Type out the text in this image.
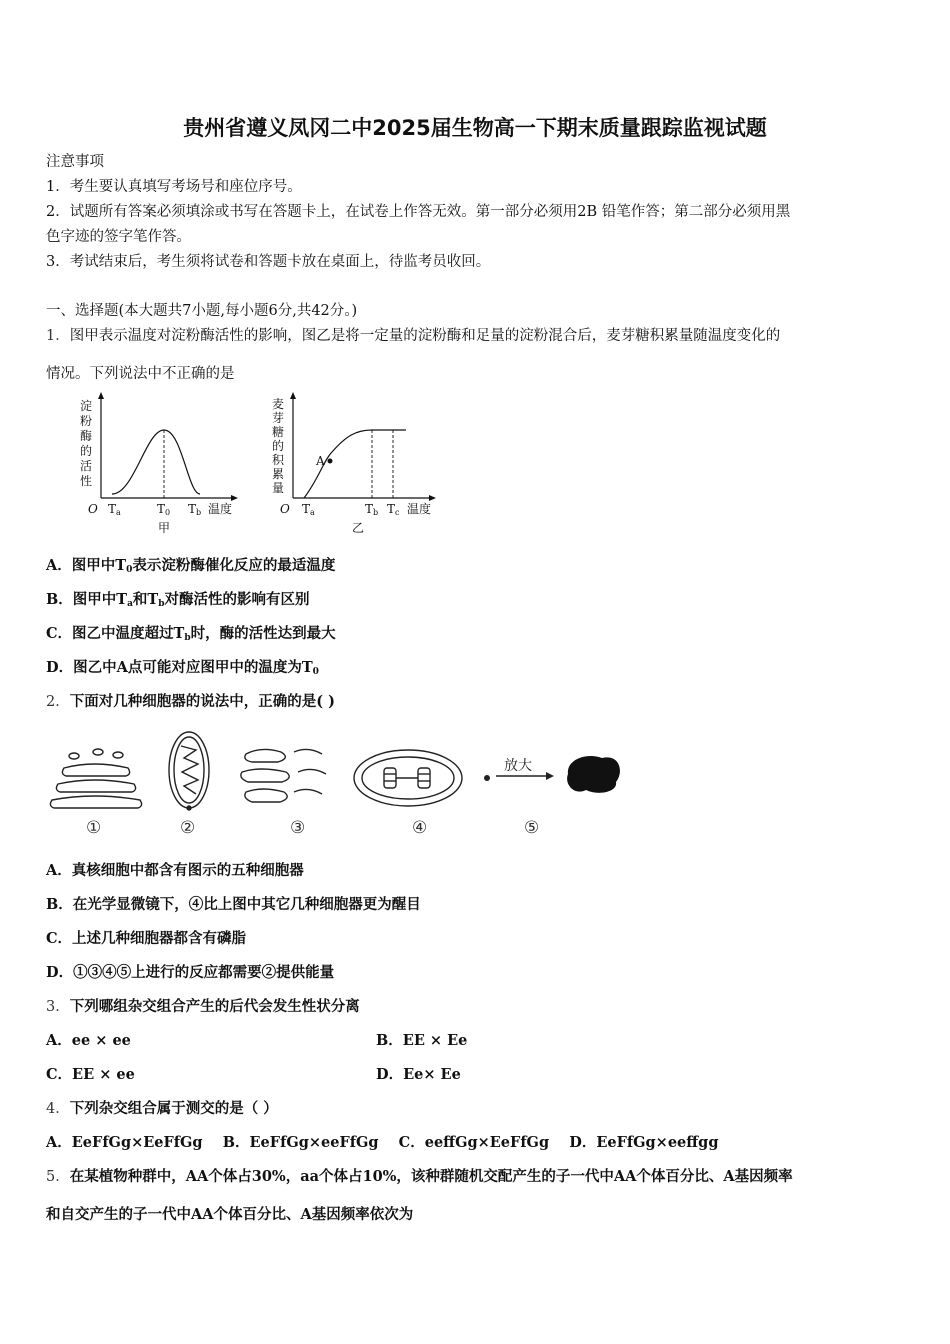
贵州省遵义凤冈二中2025届生物高一下期末质量跟踪监视试题
注意事项
1．考生要认真填写考场号和座位序号。
2．试题所有答案必须填涂或书写在答题卡上，在试卷上作答无效。第一部分必须用2B 铅笔作答；第二部分必须用黑
色字迹的签字笔作答。
3．考试结束后，考生须将试卷和答题卡放在桌面上，待监考员收回。
一、选择题(本大题共7小题,每小题6分,共42分。)
1．图甲表示温度对淀粉酶活性的影响，图乙是将一定量的淀粉酶和足量的淀粉混合后，麦芽糖积累量随温度变化的
情况。下列说法中不正确的是
淀
粉
酶
的
活
性
O Ta	T0 Tb 温度
甲
麦
芽
糖
的
积
累
量
A
O Ta	Tb Tc 温度
乙
A．图甲中$T_0$表示淀粉酶催化反应的最适温度
B．图甲中$T_a$和$T_b$对酶活性的影响有区别
C．图乙中温度超过$T_b$时，酶的活性达到最大
D．图乙中A点可能对应图甲中的温度为$T_0$
2．下面对几种细胞器的说法中，正确的是( )
放大
①	②	③	④	⑤
A．真核细胞中都含有图示的五种细胞器
B．在光学显微镜下，④比上图中其它几种细胞器更为醒目
C．上述几种细胞器都含有磷脂
D．①③④⑤上进行的反应都需要②提供能量
3．下列哪组杂交组合产生的后代会发生性状分离
A．ee × ee	B．EE × Ee
C．EE × ee	D．Ee× Ee
4．下列杂交组合属于测交的是（ ）
A．EeFfGg×EeFfGg    B．EeFfGg×eeFfGg    C．eeffGg×EeFfGg    D．EeFfGg×eeffgg
5．在某植物种群中，AA个体占30%，aa个体占10%，该种群随机交配产生的子一代中AA个体百分比、A基因频率
和自交产生的子一代中AA个体百分比、A基因频率依次为
